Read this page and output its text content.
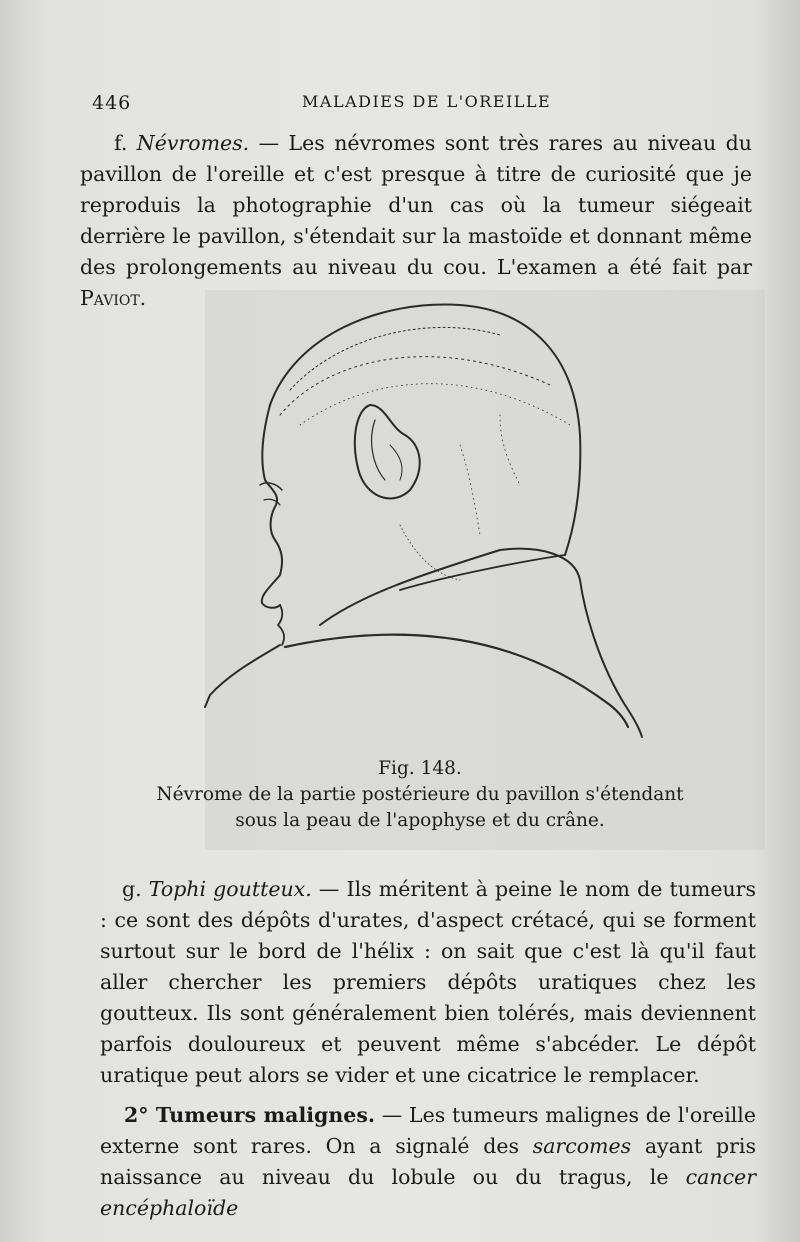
446	MALADIES DE L'OREILLE

f. Névromes. — Les névromes sont très rares au niveau du pavillon de l'oreille et c'est presque à titre de curiosité que je reproduis la photographie d'un cas où la tumeur siégeait derrière le pavillon, s'étendait sur la mastoïde et donnant même des prolongements au niveau du cou. L'examen a été fait par Paviot.

Fig. 148.
Névrome de la partie postérieure du pavillon s'étendant
sous la peau de l'apophyse et du crâne.

g. Tophi goutteux. — Ils méritent à peine le nom de tumeurs : ce sont des dépôts d'urates, d'aspect crétacé, qui se forment surtout sur le bord de l'hélix : on sait que c'est là qu'il faut aller chercher les premiers dépôts uratiques chez les goutteux. Ils sont généralement bien tolérés, mais deviennent parfois douloureux et peuvent même s'abcéder. Le dépôt uratique peut alors se vider et une cicatrice le remplacer.

2° Tumeurs malignes. — Les tumeurs malignes de l'oreille externe sont rares. On a signalé des sarcomes ayant pris naissance au niveau du lobule ou du tragus, le cancer encéphaloïde
